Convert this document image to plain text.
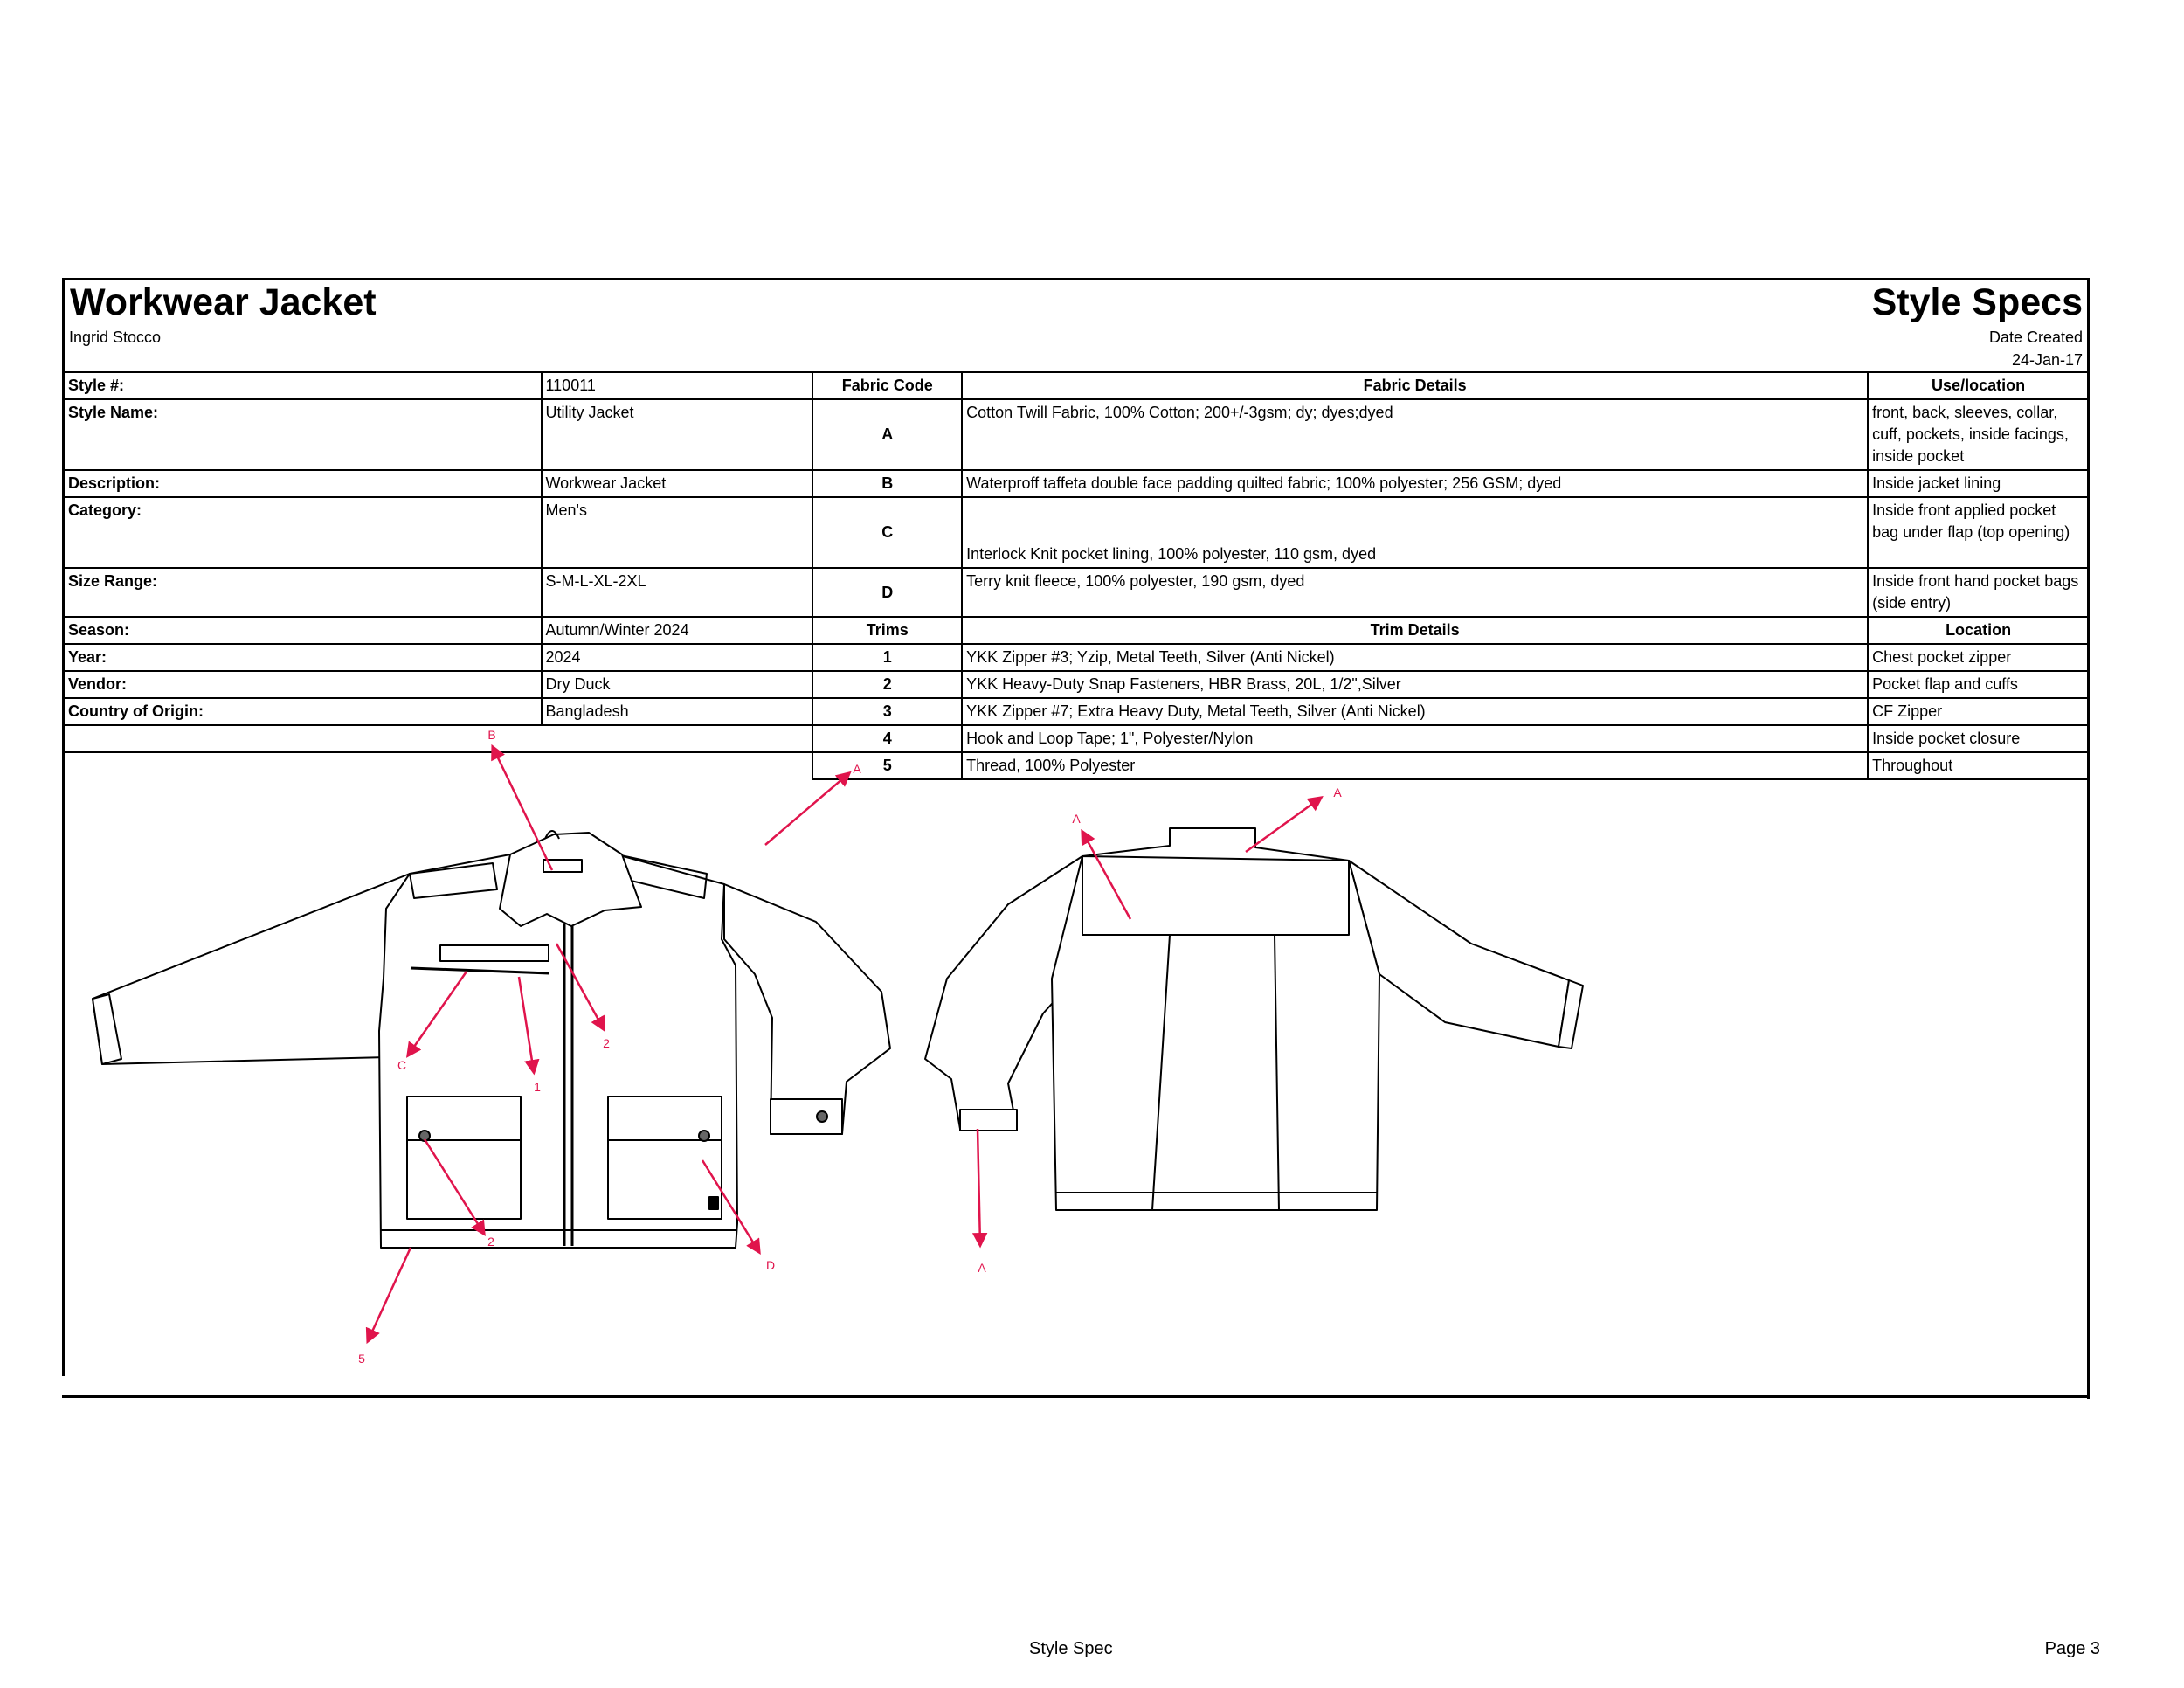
Workwear Jacket	Style Specs
Ingrid Stocco	Date Created
24-Jan-17
Style #:	110011	Fabric Code	Fabric Details	Use/location
Style Name:	Utility Jacket	A	Cotton Twill Fabric, 100% Cotton; 200+/-3gsm; dy; dyes;dyed	front, back, sleeves, collar, cuff, pockets, inside facings, inside pocket
Description:	Workwear Jacket	B	Waterproff taffeta double face padding quilted fabric; 100% polyester; 256 GSM; dyed	Inside jacket lining
Category:	Men's	C	Interlock Knit pocket lining, 100% polyester, 110 gsm, dyed	Inside front applied pocket bag under flap (top opening)
Size Range:	S-M-L-XL-2XL	D	Terry knit fleece, 100% polyester, 190 gsm, dyed	Inside front hand pocket bags (side entry)
Season:	Autumn/Winter 2024	Trims	Trim Details	Location
Year:	2024	1	YKK Zipper #3; Yzip, Metal Teeth, Silver (Anti Nickel)	Chest pocket zipper
Vendor:	Dry Duck	2	YKK Heavy-Duty Snap Fasteners, HBR Brass, 20L, 1/2",Silver	Pocket flap and cuffs
Country of Origin:	Bangladesh	3	YKK Zipper #7; Extra Heavy Duty, Metal Teeth, Silver (Anti Nickel)	CF Zipper
		4	Hook and Loop Tape; 1", Polyester/Nylon	Inside pocket closure
		5	Thread, 100% Polyester	Throughout
B
A
2
C
1
2
D
5
A
A
A
Style Spec	Page 3
